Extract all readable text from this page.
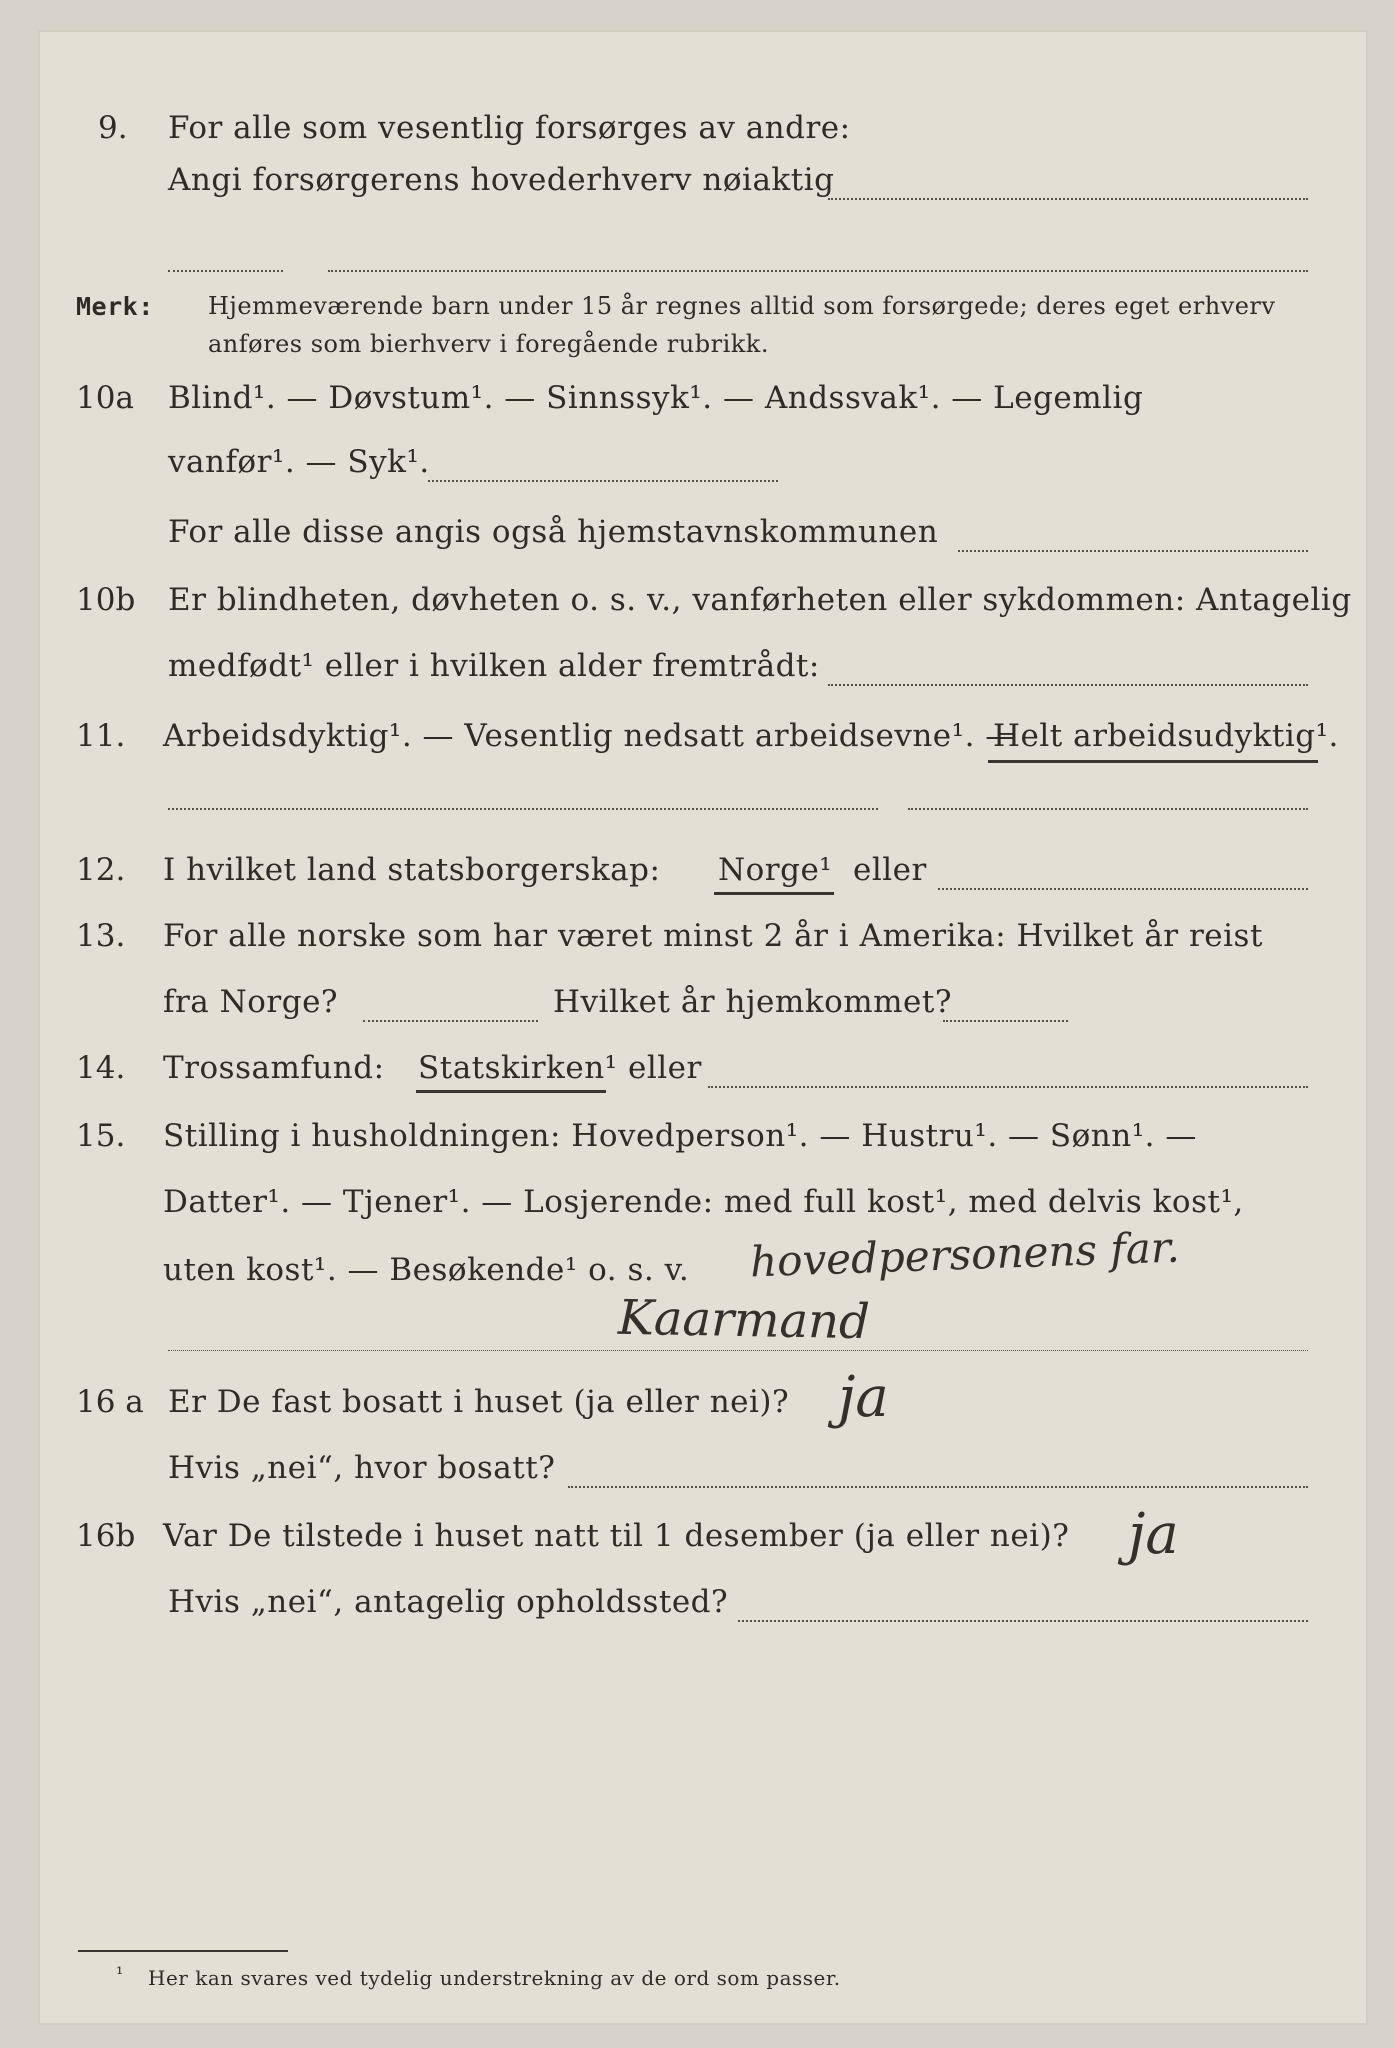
9. For alle som vesentlig forsørges av andre:
Angi forsørgerens hovederhverv nøiaktig
Merk: Hjemmeværende barn under 15 år regnes alltid som forsørgede; deres eget erhverv
anføres som bierhverv i foregående rubrikk.
10a Blind¹. — Døvstum¹. — Sinnssyk¹. — Andssvak¹. — Legemlig
vanfør¹. — Syk¹.
For alle disse angis også hjemstavnskommunen
10b Er blindheten, døvheten o. s. v., vanførheten eller sykdommen: Antagelig
medfødt¹ eller i hvilken alder fremtrådt:
11. Arbeidsdyktig¹. — Vesentlig nedsatt arbeidsevne¹. —
Helt arbeidsudyktig¹.
12. I hvilket land statsborgerskap: Norge¹ eller
13. For alle norske som har været minst 2 år i Amerika: Hvilket år reist
fra Norge?	Hvilket år hjemkommet?
14. Trossamfund: Statskirken¹ eller
15. Stilling i husholdningen: Hovedperson¹. — Hustru¹. — Sønn¹. —
Datter¹. — Tjener¹. — Losjerende: med full kost¹, med delvis kost¹,
uten kost¹. — Besøkende¹ o. s. v. hovedpersonens far.
Kaarmand
16 a Er De fast bosatt i huset (ja eller nei)? ja
Hvis „nei“, hvor bosatt?
16b Var De tilstede i huset natt til 1 desember (ja eller nei)? ja
Hvis „nei“, antagelig opholdssted?
¹ Her kan svares ved tydelig understrekning av de ord som passer.
